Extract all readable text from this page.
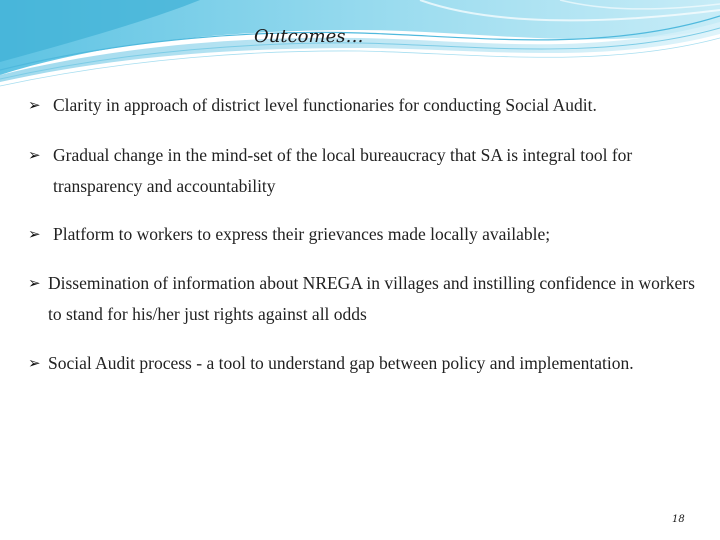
Outcomes…
➢ Clarity in approach of district level functionaries for conducting Social Audit.
➢ Gradual change in the mind-set of the local bureaucracy that SA is integral tool for transparency and accountability
➢ Platform to workers to express their grievances made locally available;
➢ Dissemination of information about NREGA in villages and instilling confidence in workers to stand for his/her just rights against all odds
➢ Social Audit process - a tool to understand gap between policy and implementation.
18
